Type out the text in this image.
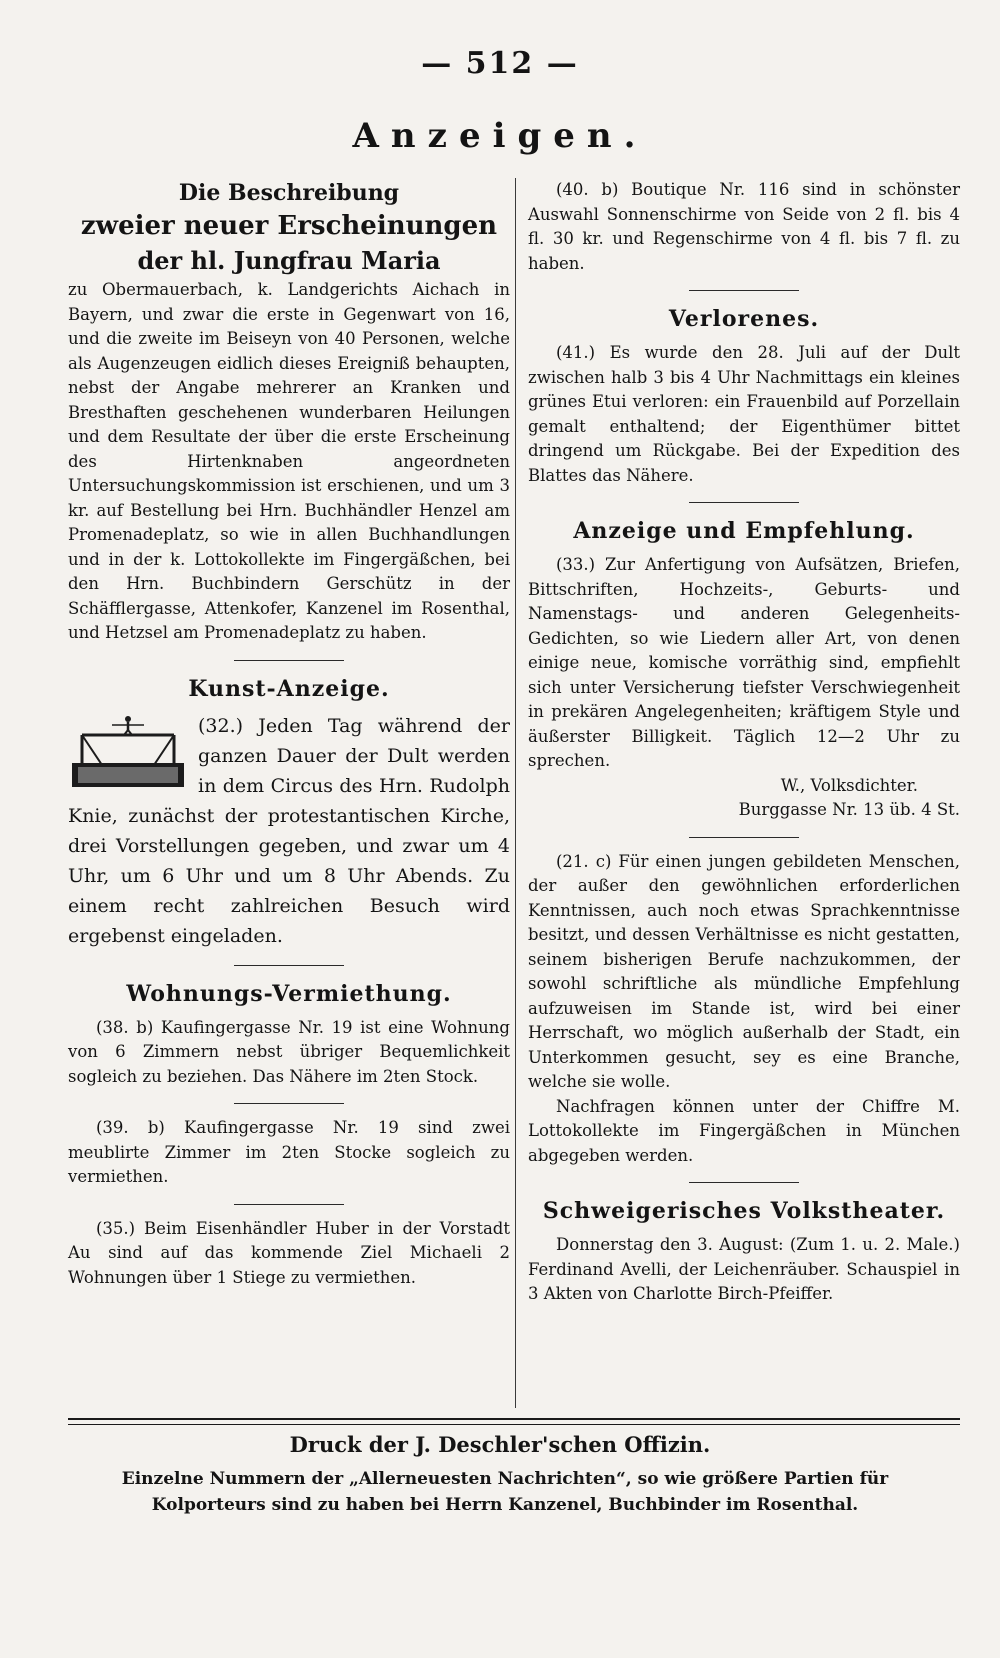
— 512 —
Anzeigen.
Die Beschreibung
zweier neuer Erscheinungen
der hl. Jungfrau Maria

zu Obermauerbach, k. Landgerichts Aichach in Bayern, und zwar die erste in Gegenwart von 16, und die zweite im Beiseyn von 40 Personen, welche als Augenzeugen eidlich dieses Ereigniß behaupten, nebst der Angabe mehrerer an Kranken und Bresthaften geschehenen wunderbaren Heilungen und dem Resultate der über die erste Erscheinung des Hirtenknaben angeordneten Untersuchungskommission ist erschienen, und um 3 kr. auf Bestellung bei Hrn. Buchhändler Henzel am Promenadeplatz, so wie in allen Buchhandlungen und in der k. Lottokollekte im Fingergäßchen, bei den Hrn. Buchbindern Gerschütz in der Schäfflergasse, Attenkofer, Kanzenel im Rosenthal, und Hetzsel am Promenadeplatz zu haben.

Kunst-Anzeige.

(32.) Jeden Tag während der ganzen Dauer der Dult werden in dem Circus des Hrn. Rudolph Knie, zunächst der protestantischen Kirche, drei Vorstellungen gegeben, und zwar um 4 Uhr, um 6 Uhr und um 8 Uhr Abends. Zu einem recht zahlreichen Besuch wird ergebenst eingeladen.

Wohnungs-Vermiethung.

(38. b) Kaufingergasse Nr. 19 ist eine Wohnung von 6 Zimmern nebst übriger Bequemlichkeit sogleich zu beziehen. Das Nähere im 2ten Stock.

(39. b) Kaufingergasse Nr. 19 sind zwei meublirte Zimmer im 2ten Stocke sogleich zu vermiethen.

(35.) Beim Eisenhändler Huber in der Vorstadt Au sind auf das kommende Ziel Michaeli 2 Wohnungen über 1 Stiege zu vermiethen.

(40. b) Boutique Nr. 116 sind in schönster Auswahl Sonnenschirme von Seide von 2 fl. bis 4 fl. 30 kr. und Regenschirme von 4 fl. bis 7 fl. zu haben.

Verlorenes.

(41.) Es wurde den 28. Juli auf der Dult zwischen halb 3 bis 4 Uhr Nachmittags ein kleines grünes Etui verloren: ein Frauenbild auf Porzellain gemalt enthaltend; der Eigenthümer bittet dringend um Rückgabe. Bei der Expedition des Blattes das Nähere.

Anzeige und Empfehlung.

(33.) Zur Anfertigung von Aufsätzen, Briefen, Bittschriften, Hochzeits-, Geburts- und Namenstags- und anderen Gelegenheits-Gedichten, so wie Liedern aller Art, von denen einige neue, komische vorräthig sind, empfiehlt sich unter Versicherung tiefster Verschwiegenheit in prekären Angelegenheiten; kräftigem Style und äußerster Billigkeit. Täglich 12—2 Uhr zu sprechen.

W., Volksdichter.

Burggasse Nr. 13 üb. 4 St.

(21. c) Für einen jungen gebildeten Menschen, der außer den gewöhnlichen erforderlichen Kenntnissen, auch noch etwas Sprachkenntnisse besitzt, und dessen Verhältnisse es nicht gestatten, seinem bisherigen Berufe nachzukommen, der sowohl schriftliche als mündliche Empfehlung aufzuweisen im Stande ist, wird bei einer Herrschaft, wo möglich außerhalb der Stadt, ein Unterkommen gesucht, sey es eine Branche, welche sie wolle.

Nachfragen können unter der Chiffre M. Lottokollekte im Fingergäßchen in München abgegeben werden.

Schweigerisches Volkstheater.

Donnerstag den 3. August: (Zum 1. u. 2. Male.) Ferdinand Avelli, der Leichenräuber. Schauspiel in 3 Akten von Charlotte Birch-Pfeiffer.

Druck der J. Deschler'schen Offizin.
Einzelne Nummern der „Allerneuesten Nachrichten“, so wie größere Partien für Kolporteurs sind zu haben bei Herrn Kanzenel, Buchbinder im Rosenthal.
